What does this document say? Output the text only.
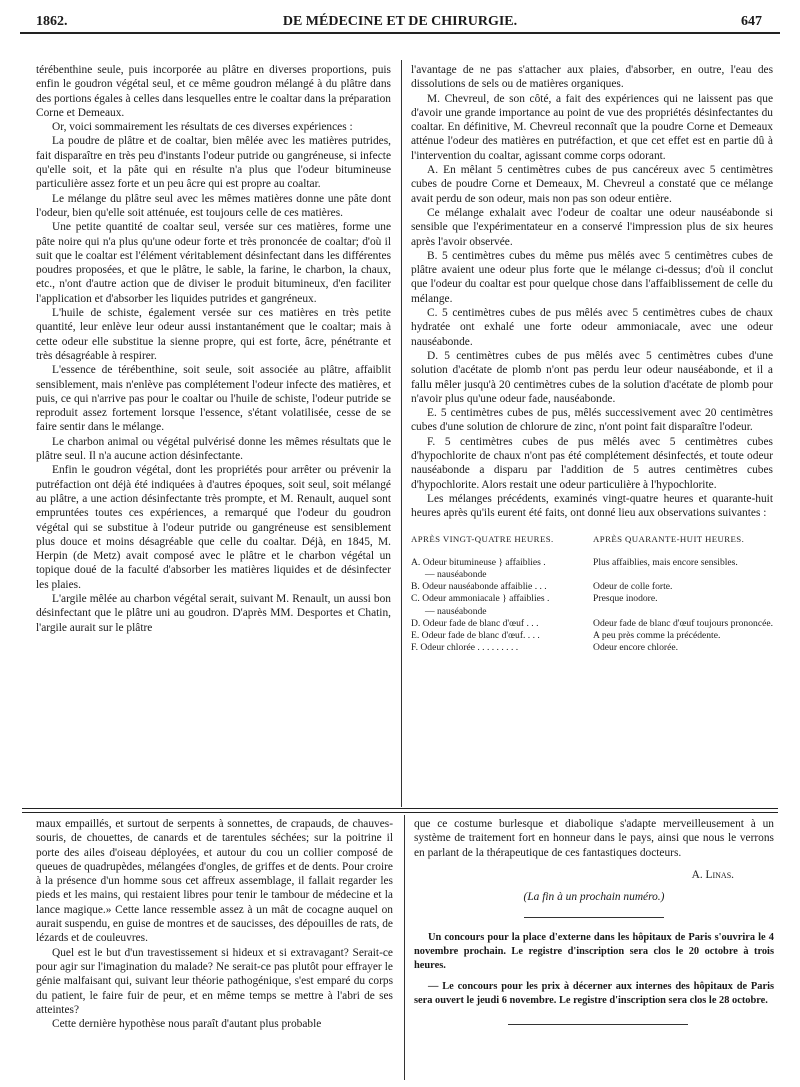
1862.	DE MÉDECINE ET DE CHIRURGIE.	647

térébenthine seule, puis incorporée au plâtre en diverses proportions, puis enfin le goudron végétal seul, et ce même goudron mélangé à du plâtre dans des portions égales à celles dans lesquelles entre le coaltar dans la préparation Corne et Demeaux.

Or, voici sommairement les résultats de ces diverses expériences :

La poudre de plâtre et de coaltar, bien mêlée avec les matières putrides, fait disparaître en très peu d'instants l'odeur putride ou gangréneuse, si infecte qu'elle soit, et la pâte qui en résulte n'a plus que l'odeur bitumineuse particulière assez forte et un peu âcre qui est propre au coaltar.

Le mélange du plâtre seul avec les mêmes matières donne une pâte dont l'odeur, bien qu'elle soit atténuée, est toujours celle de ces matières.

Une petite quantité de coaltar seul, versée sur ces matières, forme une pâte noire qui n'a plus qu'une odeur forte et très prononcée de coaltar; d'où il suit que le coaltar est l'élément véritablement désinfectant dans les différentes poudres proposées, et que le plâtre, le sable, la farine, le charbon, la chaux, etc., n'ont d'autre action que de diviser le produit bitumineux, d'en faciliter l'application et d'absorber les liquides putrides et gangréneux.

L'huile de schiste, également versée sur ces matières en très petite quantité, leur enlève leur odeur aussi instantanément que le coaltar; mais à cette odeur elle substitue la sienne propre, qui est forte, âcre, pénétrante et très désagréable à respirer.

L'essence de térébenthine, soit seule, soit associée au plâtre, affaiblit sensiblement, mais n'enlève pas complétement l'odeur infecte des matières, et puis, ce qui n'arrive pas pour le coaltar ou l'huile de schiste, l'odeur putride se reproduit assez fortement lorsque l'essence, s'étant volatilisée, cesse de se faire sentir dans le mélange.

Le charbon animal ou végétal pulvérisé donne les mêmes résultats que le plâtre seul. Il n'a aucune action désinfectante.

Enfin le goudron végétal, dont les propriétés pour arrêter ou prévenir la putréfaction ont déjà été indiquées à d'autres époques, soit seul, soit mélangé au plâtre, a une action désinfectante très prompte, et M. Renault, auquel sont empruntées toutes ces expériences, a remarqué que l'odeur du goudron végétal qui se substitue à l'odeur putride ou gangréneuse est sensiblement plus douce et moins désagréable que celle du coaltar. Déjà, en 1845, M. Herpin (de Metz) avait composé avec le plâtre et le charbon végétal un topique doué de la faculté d'absorber les matières liquides et de désinfecter les plaies.

L'argile mêlée au charbon végétal serait, suivant M. Renault, un aussi bon désinfectant que le plâtre uni au goudron. D'après MM. Desportes et Chatin, l'argile aurait sur le plâtre

l'avantage de ne pas s'attacher aux plaies, d'absorber, en outre, l'eau des dissolutions de sels ou de matières organiques.

M. Chevreul, de son côté, a fait des expériences qui ne laissent pas que d'avoir une grande importance au point de vue des propriétés désinfectantes du coaltar. En définitive, M. Chevreul reconnaît que la poudre Corne et Demeaux atténue l'odeur des matières en putréfaction, et que cet effet est en partie dû à l'intervention du coaltar, agissant comme corps odorant.

A. En mêlant 5 centimètres cubes de pus cancéreux avec 5 centimètres cubes de poudre Corne et Demeaux, M. Chevreul a constaté que ce mélange avait perdu de son odeur, mais non pas son odeur entière.

Ce mélange exhalait avec l'odeur de coaltar une odeur nauséabonde si sensible que l'expérimentateur en a conservé l'impression plus de six heures après l'avoir observée.

B. 5 centimètres cubes du même pus mêlés avec 5 centimètres cubes de plâtre avaient une odeur plus forte que le mélange ci-dessus; d'où il conclut que l'odeur du coaltar est pour quelque chose dans l'affaiblissement de celle du mélange.

C. 5 centimètres cubes de pus mêlés avec 5 centimètres cubes de chaux hydratée ont exhalé une forte odeur ammoniacale, avec une odeur nauséabonde.

D. 5 centimètres cubes de pus mêlés avec 5 centimètres cubes d'une solution d'acétate de plomb n'ont pas perdu leur odeur nauséabonde, et il a fallu mêler jusqu'à 20 centimètres cubes de la solution d'acétate de plomb pour n'avoir plus qu'une odeur fade, nauséabonde.

E. 5 centimètres cubes de pus, mêlés successivement avec 20 centimètres cubes d'une solution de chlorure de zinc, n'ont point fait disparaître l'odeur.

F. 5 centimètres cubes de pus mêlés avec 5 centimètres cubes d'hypochlorite de chaux n'ont pas été complétement désinfectés, et toute odeur nauséabonde a disparu par l'addition de 5 autres centimètres cubes d'hypochlorite. Alors restait une odeur particulière à l'hypochlorite.

Les mélanges précédents, examinés vingt-quatre heures et quarante-huit heures après qu'ils eurent été faits, ont donné lieu aux observations suivantes :

APRÈS VINGT-QUATRE HEURES.	APRÈS QUARANTE-HUIT HEURES.
A. Odeur bitumineuse } affaiblies .
— nauséabonde	Plus affaiblies, mais encore sensibles.
B. Odeur nauséabonde affaiblie . . .	Odeur de colle forte.
C. Odeur ammoniacale } affaiblies .
— nauséabonde	Presque inodore.
D. Odeur fade de blanc d'œuf . . .	Odeur fade de blanc d'œuf toujours prononcée.
E. Odeur fade de blanc d'œuf. . . .	A peu près comme la précédente.
F. Odeur chlorée . . . . . . . . .	Odeur encore chlorée.

maux empaillés, et surtout de serpents à sonnettes, de crapauds, de chauves-souris, de chouettes, de canards et de tarentules séchées; sur la poitrine il porte des ailes d'oiseau déployées, et autour du cou un collier composé de queues de quadrupèdes, mélangées d'ongles, de griffes et de dents. Pour croire à la présence d'un homme sous cet affreux assemblage, il fallait regarder les pieds et les mains, qui restaient libres pour tenir le tambour de médecine et la lance magique.» Cette lance ressemble assez à un mât de cocagne auquel on aurait suspendu, en guise de montres et de saucisses, des dépouilles de rats, de lézards et de couleuvres.

Quel est le but d'un travestissement si hideux et si extravagant? Serait-ce pour agir sur l'imagination du malade? Ne serait-ce pas plutôt pour effrayer le génie malfaisant qui, suivant leur théorie pathogénique, s'est emparé du corps du patient, le faire fuir de peur, et en même temps se mettre à l'abri de ses atteintes?

Cette dernière hypothèse nous paraît d'autant plus probable

que ce costume burlesque et diabolique s'adapte merveilleusement à un système de traitement fort en honneur dans le pays, ainsi que nous le verrons en parlant de la thérapeutique de ces fantastiques docteurs.

A. Linas.

(La fin à un prochain numéro.)

Un concours pour la place d'externe dans les hôpitaux de Paris s'ouvrira le 4 novembre prochain. Le registre d'inscription sera clos le 20 octobre à trois heures.

— Le concours pour les prix à décerner aux internes des hôpitaux de Paris sera ouvert le jeudi 6 novembre. Le registre d'inscription sera clos le 28 octobre.
